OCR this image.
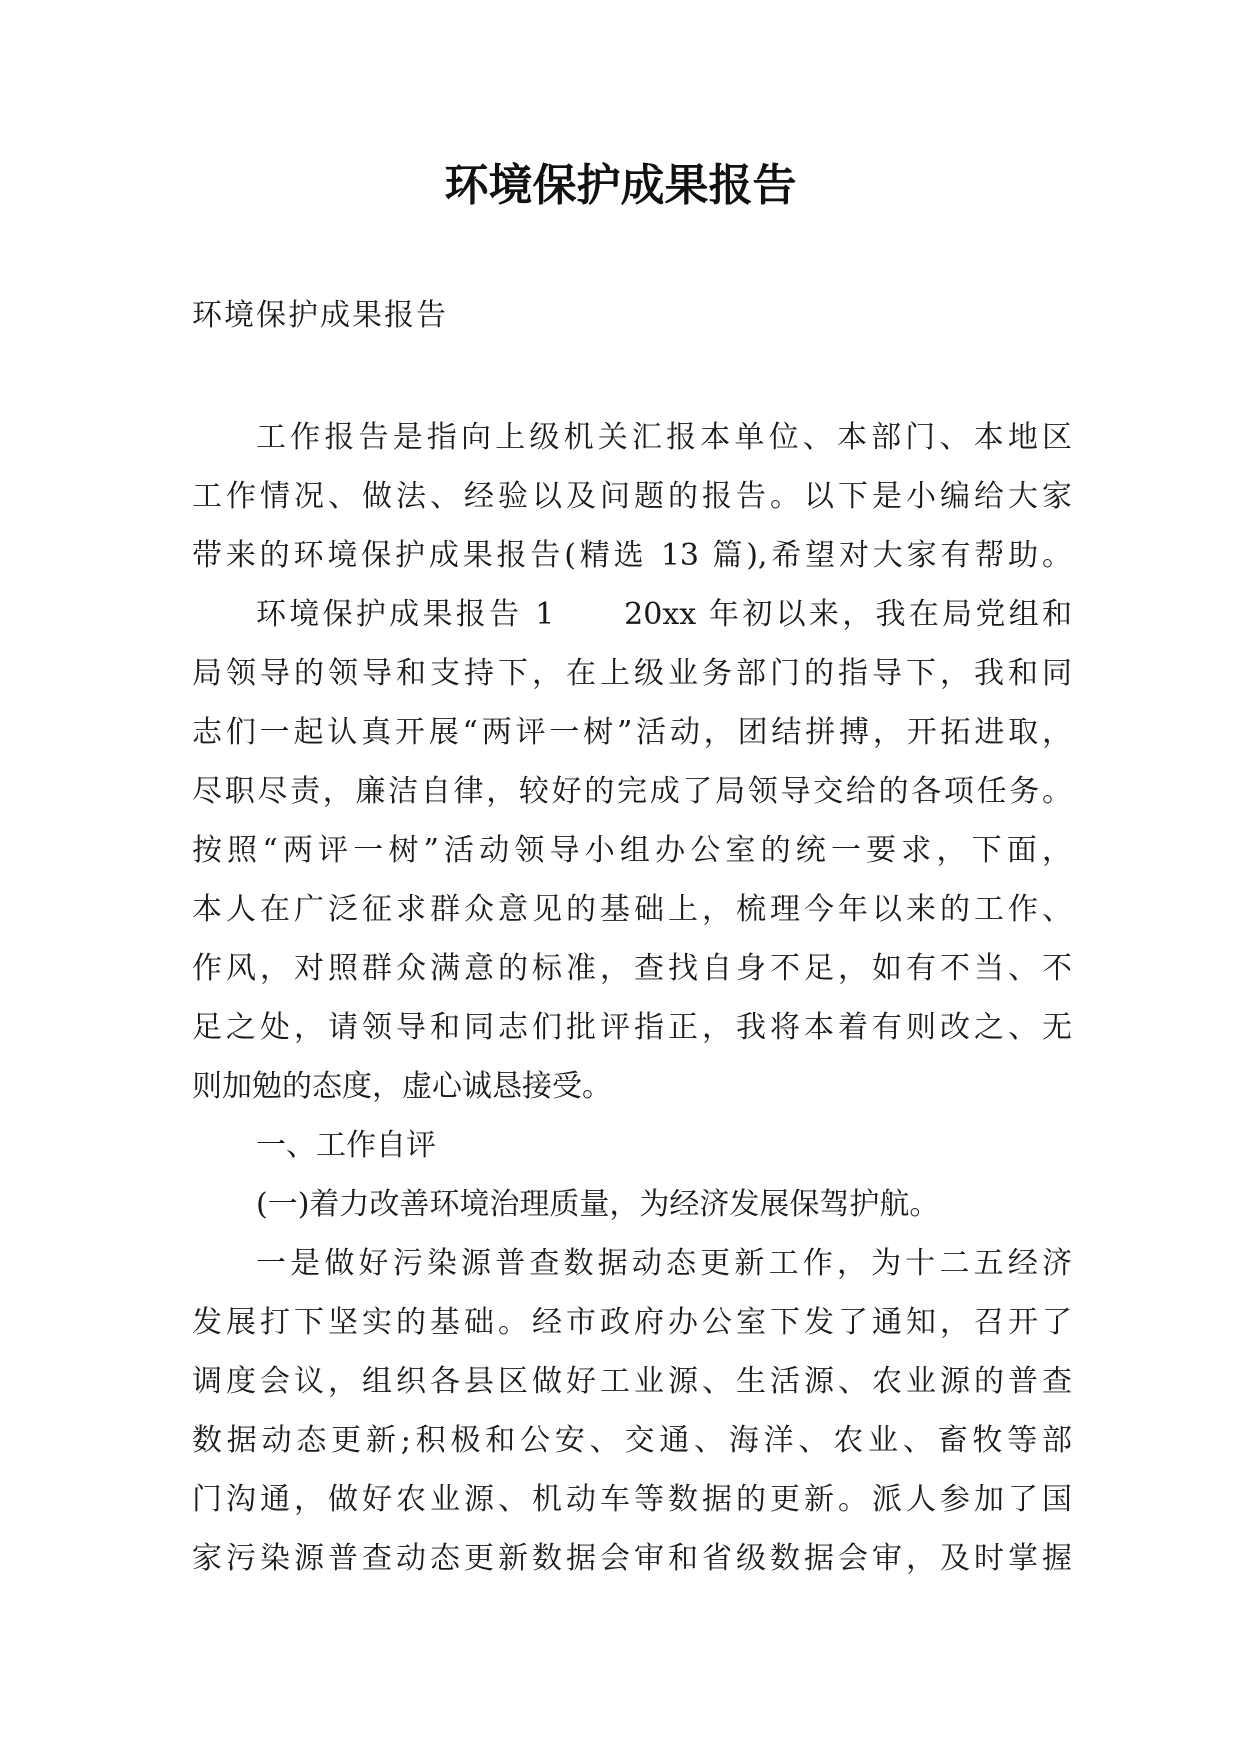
环境保护成果报告
环境保护成果报告
工作报告是指向上级机关汇报本单位、本部门、本地区
工作情况、做法、经验以及问题的报告。以下是小编给大家
带来的环境保护成果报告(精选 13 篇),希望对大家有帮助。
环境保护成果报告 1　　20xx 年初以来，我在局党组和
局领导的领导和支持下，在上级业务部门的指导下，我和同
志们一起认真开展“两评一树”活动，团结拼搏，开拓进取，
尽职尽责，廉洁自律，较好的完成了局领导交给的各项任务。
按照“两评一树”活动领导小组办公室的统一要求，下面，
本人在广泛征求群众意见的基础上，梳理今年以来的工作、
作风，对照群众满意的标准，查找自身不足，如有不当、不
足之处，请领导和同志们批评指正，我将本着有则改之、无
则加勉的态度，虚心诚恳接受。
一、工作自评
(一)着力改善环境治理质量，为经济发展保驾护航。
一是做好污染源普查数据动态更新工作，为十二五经济
发展打下坚实的基础。经市政府办公室下发了通知，召开了
调度会议，组织各县区做好工业源、生活源、农业源的普查
数据动态更新;积极和公安、交通、海洋、农业、畜牧等部
门沟通，做好农业源、机动车等数据的更新。派人参加了国
家污染源普查动态更新数据会审和省级数据会审，及时掌握
